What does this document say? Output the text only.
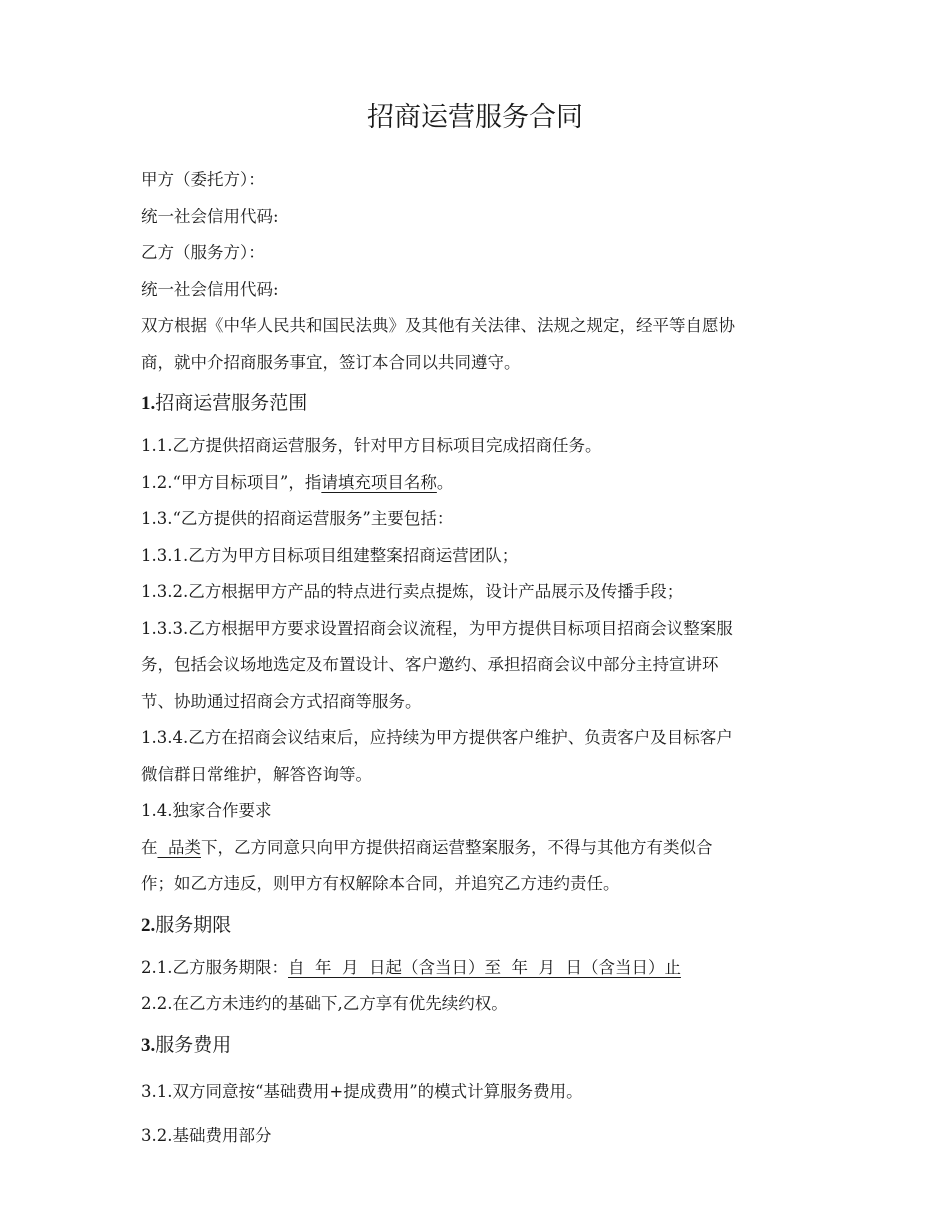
招商运营服务合同
甲方（委托方）：
统一社会信用代码:
乙方（服务方）：
统一社会信用代码:
双方根据《中华人民共和国民法典》及其他有关法律、法规之规定，经平等自愿协
商，就中介招商服务事宜，签订本合同以共同遵守。
1.招商运营服务范围
1.1.乙方提供招商运营服务，针对甲方目标项目完成招商任务。
1.2.“甲方目标项目”，指请填充项目名称。
1.3.“乙方提供的招商运营服务”主要包括：
1.3.1.乙方为甲方目标项目组建整案招商运营团队；
1.3.2.乙方根据甲方产品的特点进行卖点提炼，设计产品展示及传播手段；
1.3.3.乙方根据甲方要求设置招商会议流程，为甲方提供目标项目招商会议整案服
务，包括会议场地选定及布置设计、客户邀约、承担招商会议中部分主持宣讲环
节、协助通过招商会方式招商等服务。
1.3.4.乙方在招商会议结束后，应持续为甲方提供客户维护、负责客户及目标客户
微信群日常维护，解答咨询等。
1.4.独家合作要求
在  品类下，乙方同意只向甲方提供招商运营整案服务，不得与其他方有类似合
作；如乙方违反，则甲方有权解除本合同，并追究乙方违约责任。
2.服务期限
2.1.乙方服务期限：自  年  月  日起（含当日）至  年  月  日（含当日）止
2.2.在乙方未违约的基础下,乙方享有优先续约权。
3.服务费用
3.1.双方同意按“基础费用+提成费用”的模式计算服务费用。
3.2.基础费用部分
